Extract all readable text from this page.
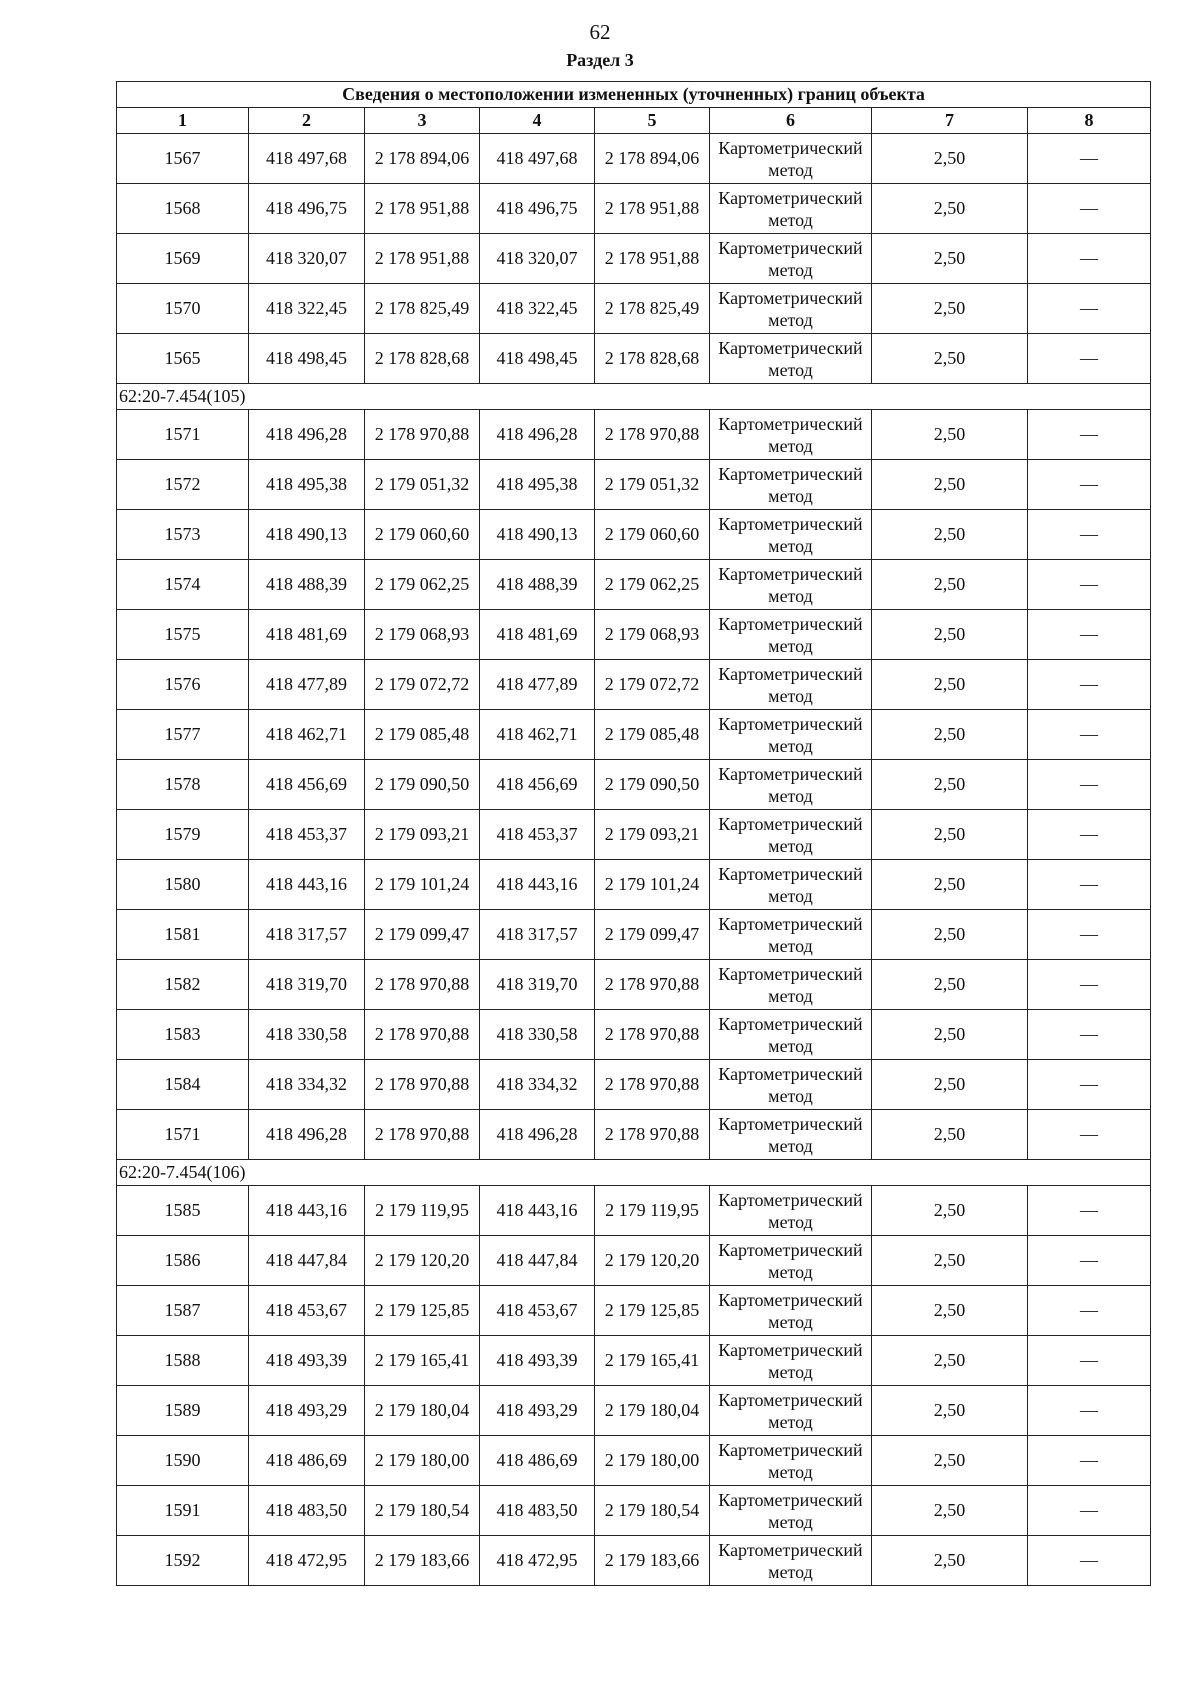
62
Раздел 3
Сведения о местоположении измененных (уточненных) границ объекта							
1	2	3	4	5	6	7	8
1567	418 497,68	2 178 894,06	418 497,68	2 178 894,06	Картометрический метод	2,50	—
1568	418 496,75	2 178 951,88	418 496,75	2 178 951,88	Картометрический метод	2,50	—
1569	418 320,07	2 178 951,88	418 320,07	2 178 951,88	Картометрический метод	2,50	—
1570	418 322,45	2 178 825,49	418 322,45	2 178 825,49	Картометрический метод	2,50	—
1565	418 498,45	2 178 828,68	418 498,45	2 178 828,68	Картометрический метод	2,50	—
62:20-7.454(105)							
1571	418 496,28	2 178 970,88	418 496,28	2 178 970,88	Картометрический метод	2,50	—
1572	418 495,38	2 179 051,32	418 495,38	2 179 051,32	Картометрический метод	2,50	—
1573	418 490,13	2 179 060,60	418 490,13	2 179 060,60	Картометрический метод	2,50	—
1574	418 488,39	2 179 062,25	418 488,39	2 179 062,25	Картометрический метод	2,50	—
1575	418 481,69	2 179 068,93	418 481,69	2 179 068,93	Картометрический метод	2,50	—
1576	418 477,89	2 179 072,72	418 477,89	2 179 072,72	Картометрический метод	2,50	—
1577	418 462,71	2 179 085,48	418 462,71	2 179 085,48	Картометрический метод	2,50	—
1578	418 456,69	2 179 090,50	418 456,69	2 179 090,50	Картометрический метод	2,50	—
1579	418 453,37	2 179 093,21	418 453,37	2 179 093,21	Картометрический метод	2,50	—
1580	418 443,16	2 179 101,24	418 443,16	2 179 101,24	Картометрический метод	2,50	—
1581	418 317,57	2 179 099,47	418 317,57	2 179 099,47	Картометрический метод	2,50	—
1582	418 319,70	2 178 970,88	418 319,70	2 178 970,88	Картометрический метод	2,50	—
1583	418 330,58	2 178 970,88	418 330,58	2 178 970,88	Картометрический метод	2,50	—
1584	418 334,32	2 178 970,88	418 334,32	2 178 970,88	Картометрический метод	2,50	—
1571	418 496,28	2 178 970,88	418 496,28	2 178 970,88	Картометрический метод	2,50	—
62:20-7.454(106)							
1585	418 443,16	2 179 119,95	418 443,16	2 179 119,95	Картометрический метод	2,50	—
1586	418 447,84	2 179 120,20	418 447,84	2 179 120,20	Картометрический метод	2,50	—
1587	418 453,67	2 179 125,85	418 453,67	2 179 125,85	Картометрический метод	2,50	—
1588	418 493,39	2 179 165,41	418 493,39	2 179 165,41	Картометрический метод	2,50	—
1589	418 493,29	2 179 180,04	418 493,29	2 179 180,04	Картометрический метод	2,50	—
1590	418 486,69	2 179 180,00	418 486,69	2 179 180,00	Картометрический метод	2,50	—
1591	418 483,50	2 179 180,54	418 483,50	2 179 180,54	Картометрический метод	2,50	—
1592	418 472,95	2 179 183,66	418 472,95	2 179 183,66	Картометрический метод	2,50	—
